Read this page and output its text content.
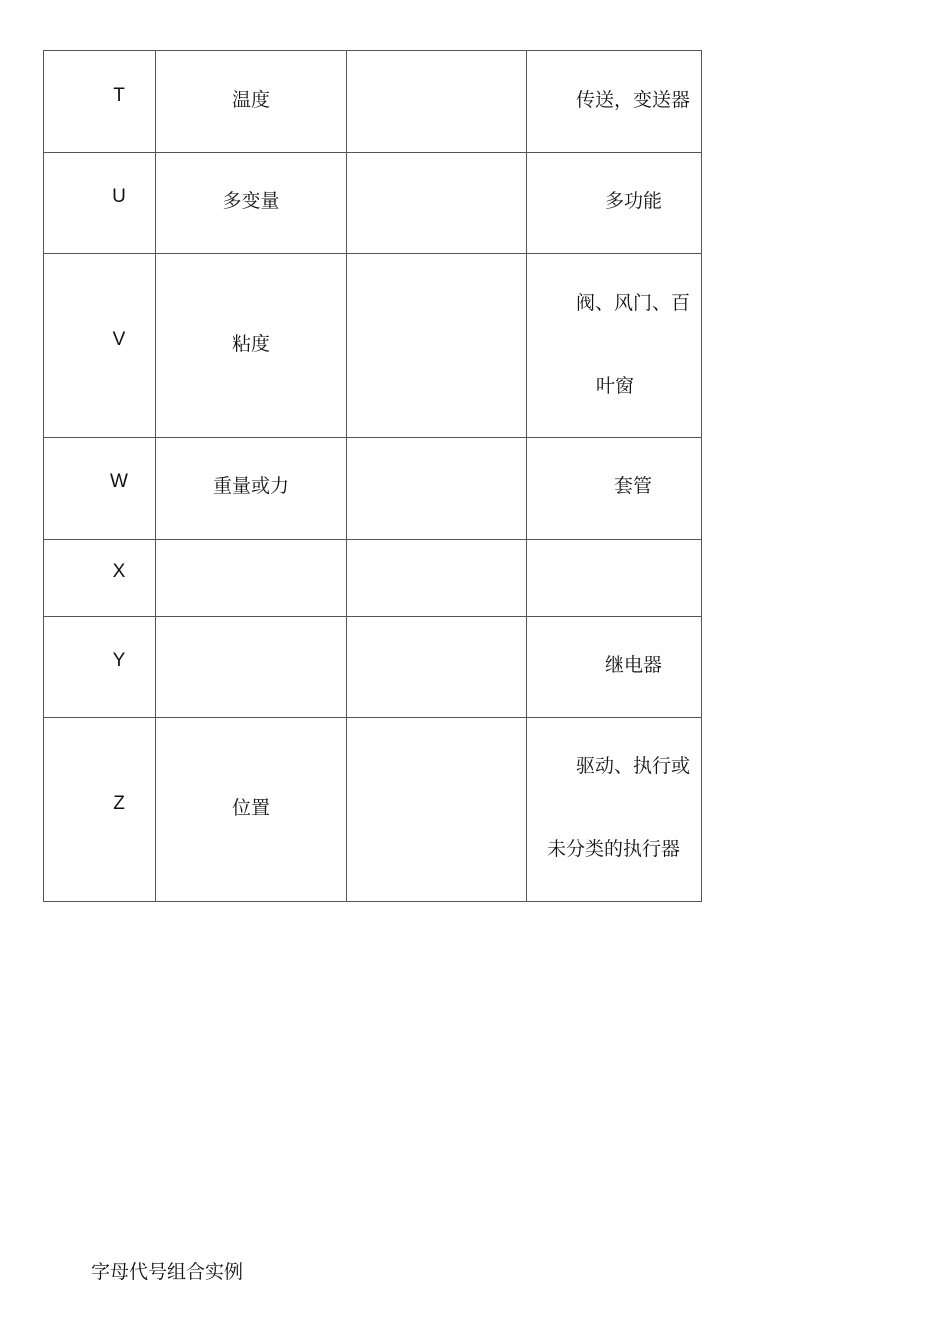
T	温度		传送，变送器

U	多变量		多功能

V	粘度		阀、风门、百
叶窗

W	重量或力		套管

X			

Y			继电器

Z	位置		驱动、执行或
未分类的执行器
字母代号组合实例
